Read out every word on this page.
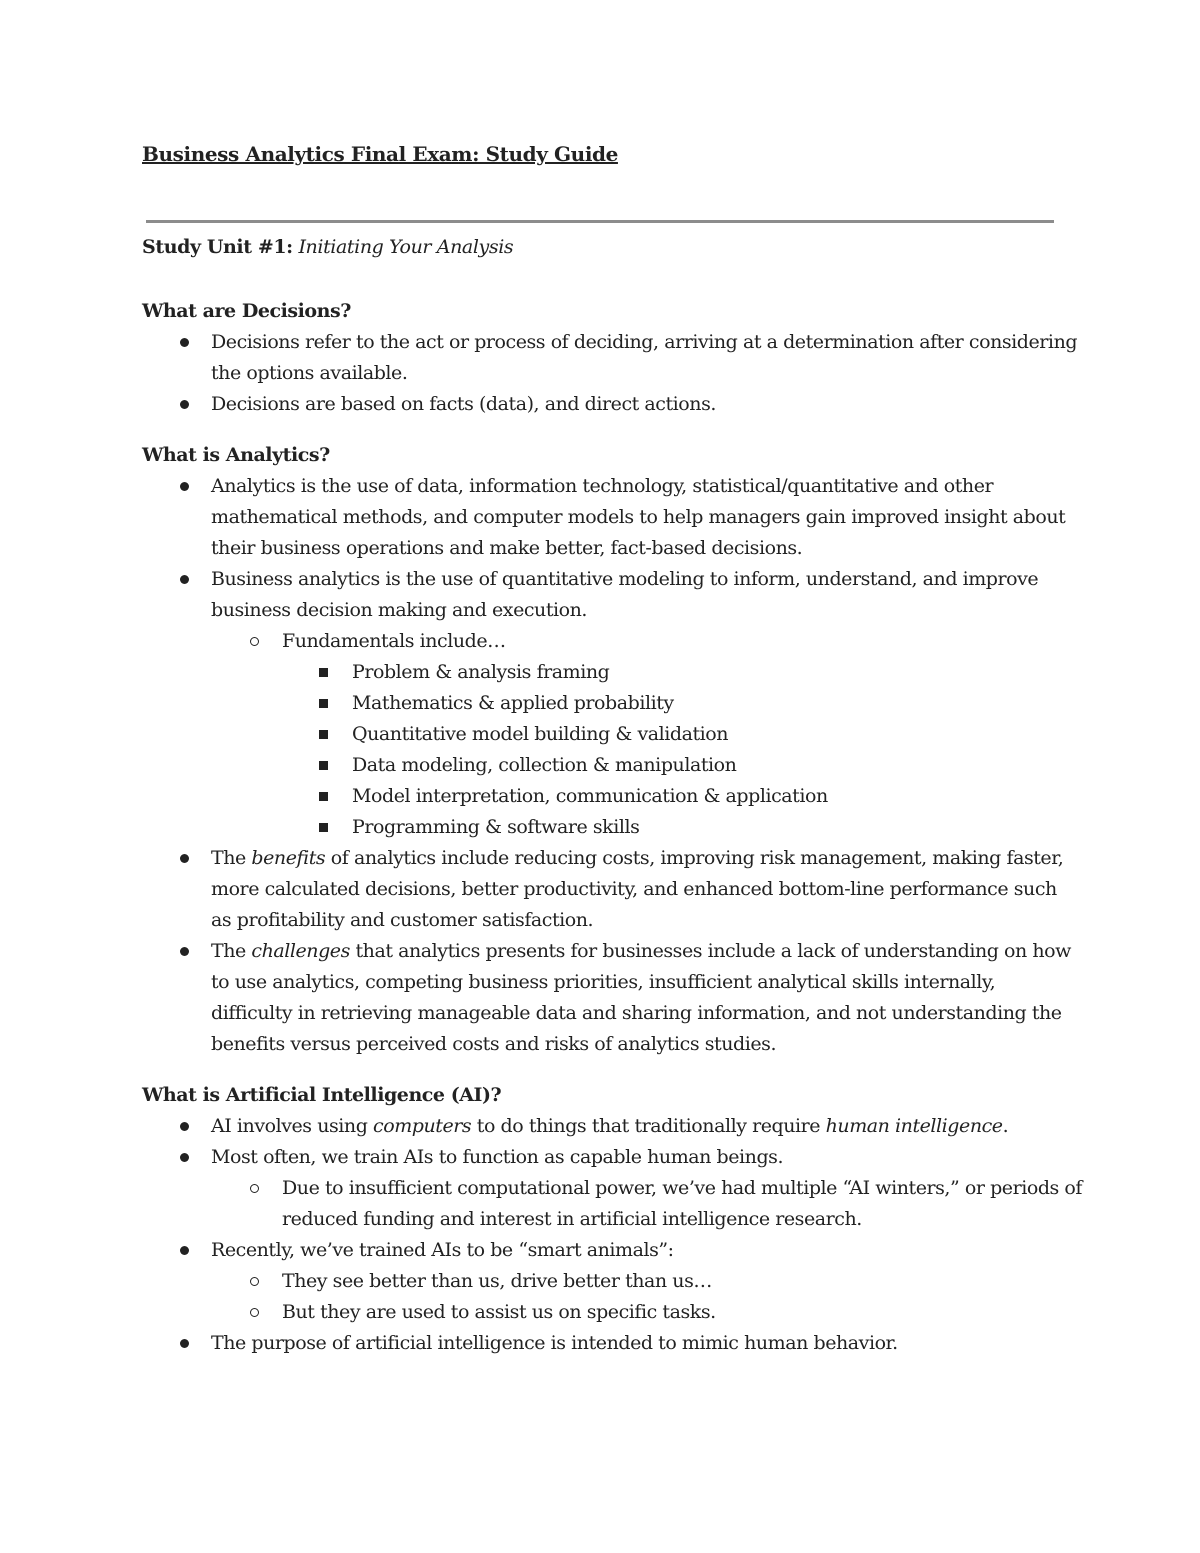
Business Analytics Final Exam: Study Guide
Study Unit #1: Initiating Your Analysis
What are Decisions?
Decisions refer to the act or process of deciding, arriving at a determination after considering the options available.
Decisions are based on facts (data), and direct actions.
What is Analytics?
Analytics is the use of data, information technology, statistical/quantitative and other mathematical methods, and computer models to help managers gain improved insight about their business operations and make better, fact-based decisions.
Business analytics is the use of quantitative modeling to inform, understand, and improve business decision making and execution.
Fundamentals include…
Problem & analysis framing
Mathematics & applied probability
Quantitative model building & validation
Data modeling, collection & manipulation
Model interpretation, communication & application
Programming & software skills
The benefits of analytics include reducing costs, improving risk management, making faster, more calculated decisions, better productivity, and enhanced bottom-line performance such as profitability and customer satisfaction.
The challenges that analytics presents for businesses include a lack of understanding on how to use analytics, competing business priorities, insufficient analytical skills internally, difficulty in retrieving manageable data and sharing information, and not understanding the benefits versus perceived costs and risks of analytics studies.
What is Artificial Intelligence (AI)?
AI involves using computers to do things that traditionally require human intelligence.
Most often, we train AIs to function as capable human beings.
Due to insufficient computational power, we’ve had multiple “AI winters,” or periods of reduced funding and interest in artificial intelligence research.
Recently, we’ve trained AIs to be “smart animals”:
They see better than us, drive better than us…
But they are used to assist us on specific tasks.
The purpose of artificial intelligence is intended to mimic human behavior.
